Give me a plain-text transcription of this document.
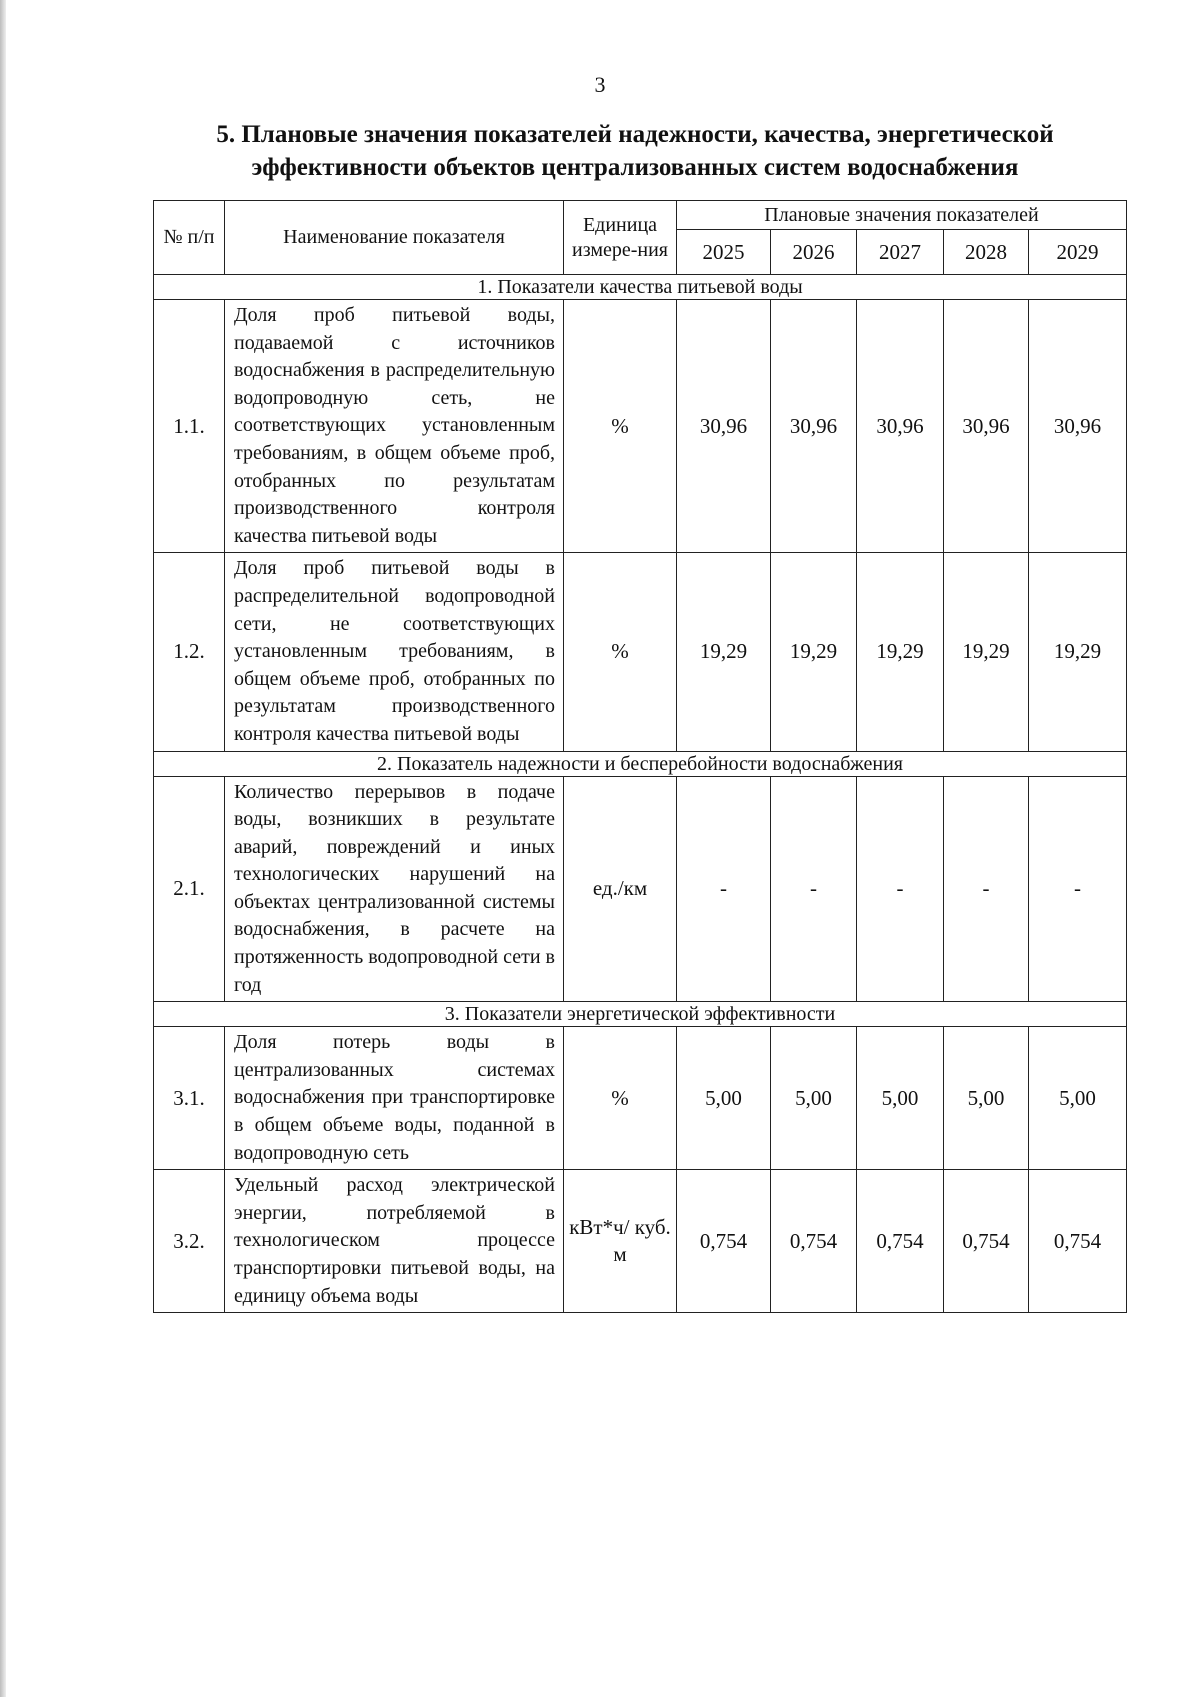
3
5. Плановые значения показателей надежности, качества, энергетической эффективности объектов централизованных систем водоснабжения
№ п/п	Наименование показателя	Единица измере-ния	Плановые значения показателей				
			2025	2026	2027	2028	2029
1. Показатели качества питьевой воды							
1.1.	Доля проб питьевой воды, подаваемой с источников водоснабжения в распределительную водопроводную сеть, не соответствующих установленным требованиям, в общем объеме проб, отобранных по результатам производственного контроля качества питьевой воды	%	30,96	30,96	30,96	30,96	30,96
1.2.	Доля проб питьевой воды в распределительной водопроводной сети, не соответствующих установленным требованиям, в общем объеме проб, отобранных по результатам производственного контроля качества питьевой воды	%	19,29	19,29	19,29	19,29	19,29
2. Показатель надежности и бесперебойности водоснабжения							
2.1.	Количество перерывов в подаче воды, возникших в результате аварий, повреждений и иных технологических нарушений на объектах централизованной системы водоснабжения, в расчете на протяженность водопроводной сети в год	ед./км	-	-	-	-	-
3. Показатели энергетической эффективности							
3.1.	Доля потерь воды в централизованных системах водоснабжения при транспортировке в общем объеме воды, поданной в водопроводную сеть	%	5,00	5,00	5,00	5,00	5,00
3.2.	Удельный расход электрической энергии, потребляемой в технологическом процессе транспортировки питьевой воды, на единицу объема воды	кВт*ч/ куб. м	0,754	0,754	0,754	0,754	0,754
